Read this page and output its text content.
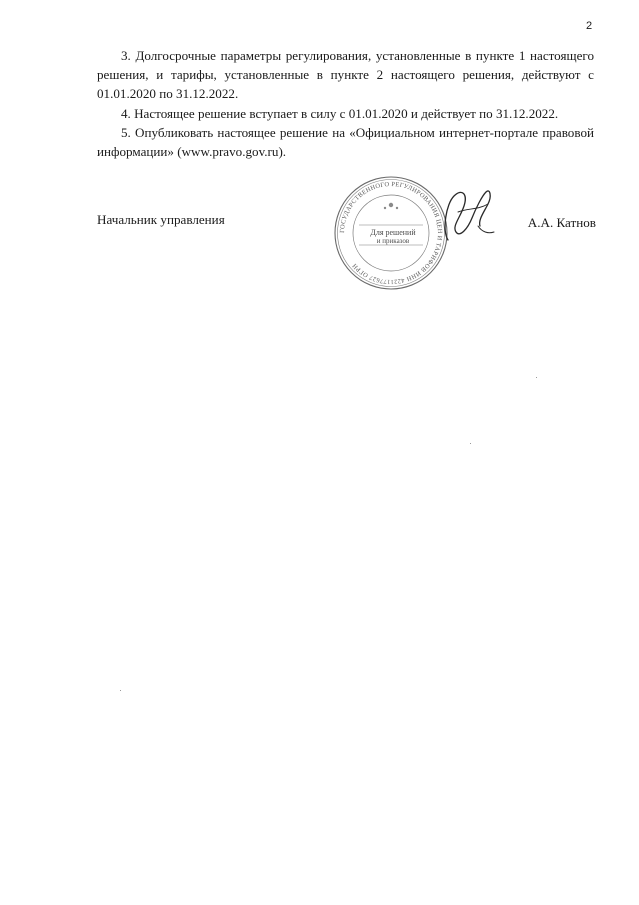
2

3. Долгосрочные параметры регулирования, установленные в пункте 1 настоящего решения, и тарифы, установленные в пункте 2 настоящего решения, действуют с 01.01.2020 по 31.12.2022.

4. Настоящее решение вступает в силу с 01.01.2020 и действует по 31.12.2022.

5. Опубликовать настоящее решение на «Официальном интернет-портале правовой информации» (www.pravo.gov.ru).

Начальник управления	А.А. Катнов
ГОСУДАРСТВЕННОГО РЕГУЛИРОВАНИЯ ЦЕН И ТАРИФОВ ИНН 4221177627 ОГРН
Для решений
и приказов
